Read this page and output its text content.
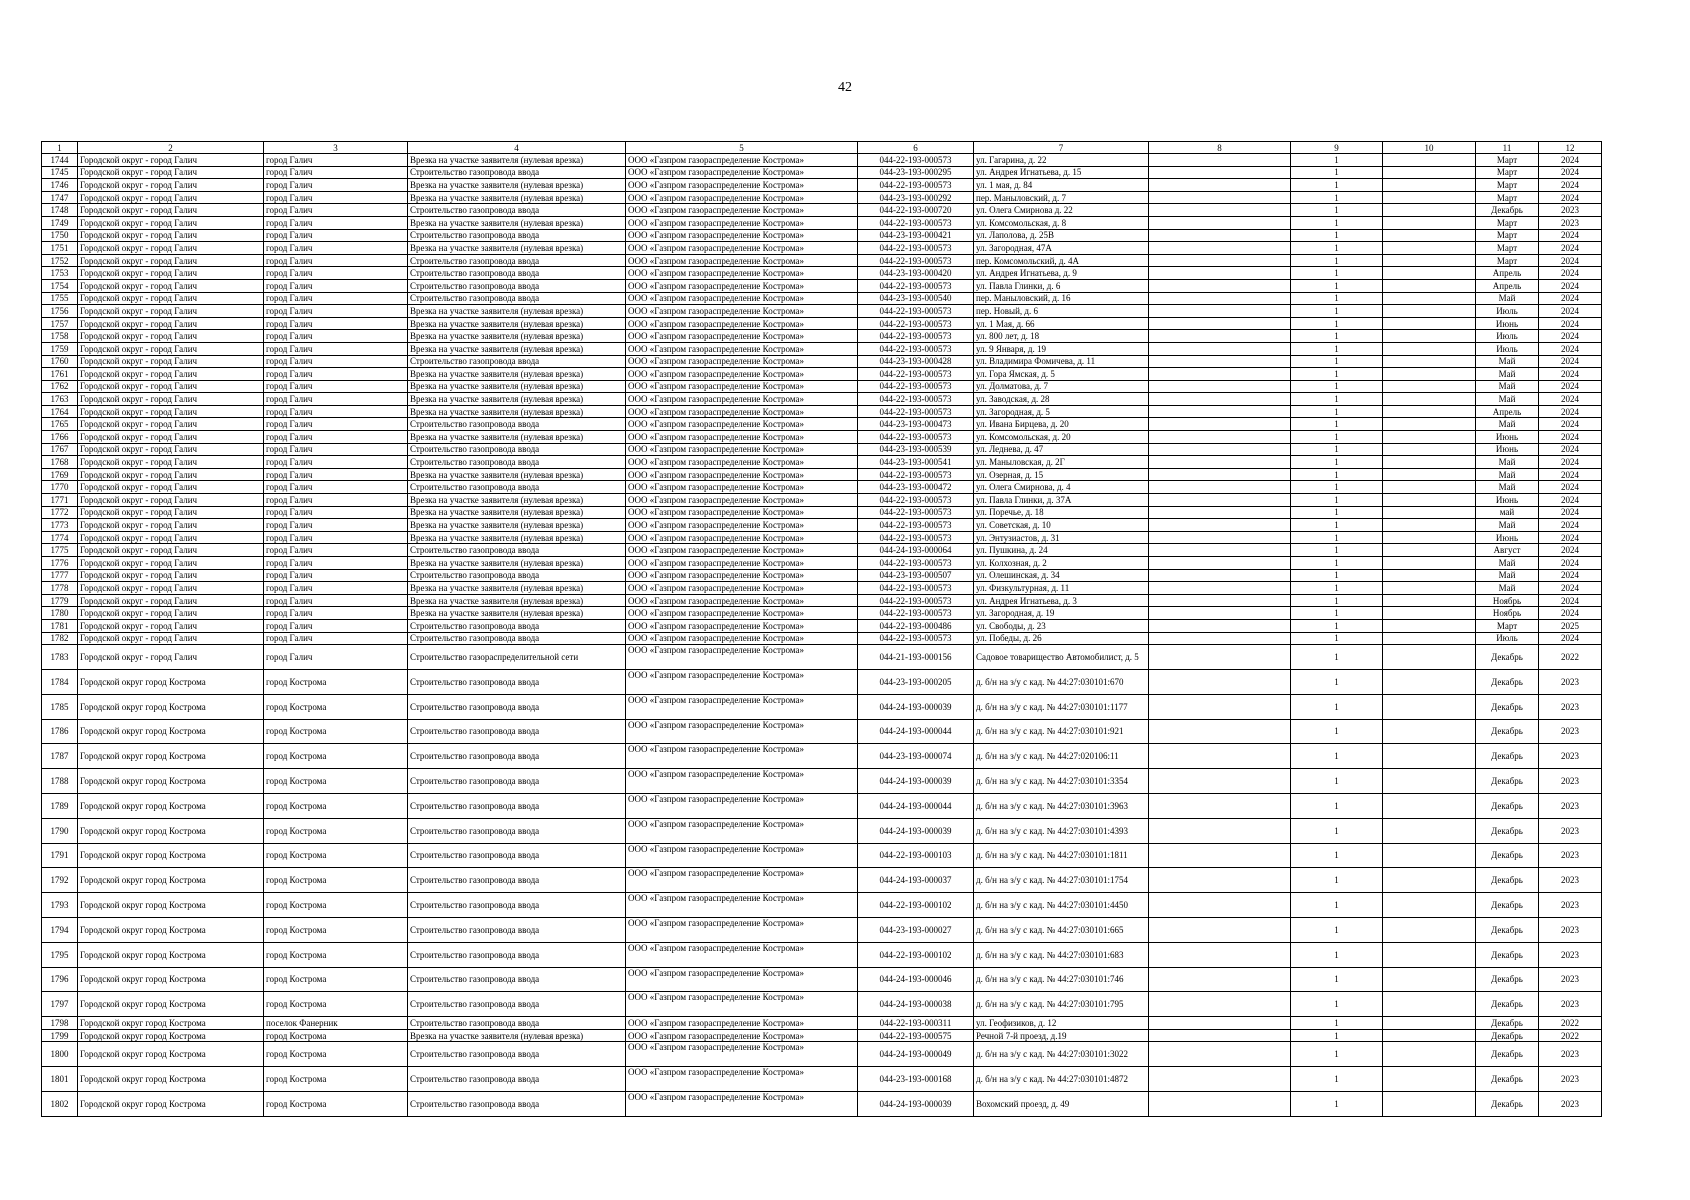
42
1	2	3	4	5	6	7	8	9	10	11	12
1744	Городской округ - город Галич	город Галич	Врезка на участке заявителя (нулевая врезка)	ООО «Газпром газораспределение Кострома»	044-22-193-000573	ул. Гагарина, д. 22		1		Март	2024
1745	Городской округ - город Галич	город Галич	Строительство газопровода ввода	ООО «Газпром газораспределение Кострома»	044-23-193-000295	ул. Андрея Игнатьева, д. 15		1		Март	2024
1746	Городской округ - город Галич	город Галич	Врезка на участке заявителя (нулевая врезка)	ООО «Газпром газораспределение Кострома»	044-22-193-000573	ул. 1 мая, д. 84		1		Март	2024
1747	Городской округ - город Галич	город Галич	Врезка на участке заявителя (нулевая врезка)	ООО «Газпром газораспределение Кострома»	044-23-193-000292	пер. Маныловский, д. 7		1		Март	2024
1748	Городской округ - город Галич	город Галич	Строительство газопровода ввода	ООО «Газпром газораспределение Кострома»	044-22-193-000720	ул. Олега Смирнова д. 22		1		Декабрь	2023
1749	Городской округ - город Галич	город Галич	Врезка на участке заявителя (нулевая врезка)	ООО «Газпром газораспределение Кострома»	044-22-193-000573	ул. Комсомольская, д. 8		1		Март	2023
1750	Городской округ - город Галич	город Галич	Строительство газопровода ввода	ООО «Газпром газораспределение Кострома»	044-23-193-000421	ул. Лаполова, д. 25В		1		Март	2024
1751	Городской округ - город Галич	город Галич	Врезка на участке заявителя (нулевая врезка)	ООО «Газпром газораспределение Кострома»	044-22-193-000573	ул. Загородная, 47А		1		Март	2024
1752	Городской округ - город Галич	город Галич	Строительство газопровода ввода	ООО «Газпром газораспределение Кострома»	044-22-193-000573	пер. Комсомольский, д. 4А		1		Март	2024
1753	Городской округ - город Галич	город Галич	Строительство газопровода ввода	ООО «Газпром газораспределение Кострома»	044-23-193-000420	ул. Андрея Игнатьева, д. 9		1		Апрель	2024
1754	Городской округ - город Галич	город Галич	Строительство газопровода ввода	ООО «Газпром газораспределение Кострома»	044-22-193-000573	ул. Павла Глинки, д. 6		1		Апрель	2024
1755	Городской округ - город Галич	город Галич	Строительство газопровода ввода	ООО «Газпром газораспределение Кострома»	044-23-193-000540	пер. Маныловский, д. 16		1		Май	2024
1756	Городской округ - город Галич	город Галич	Врезка на участке заявителя (нулевая врезка)	ООО «Газпром газораспределение Кострома»	044-22-193-000573	пер. Новый, д. 6		1		Июль	2024
1757	Городской округ - город Галич	город Галич	Врезка на участке заявителя (нулевая врезка)	ООО «Газпром газораспределение Кострома»	044-22-193-000573	ул. 1 Мая, д. 66		1		Июнь	2024
1758	Городской округ - город Галич	город Галич	Врезка на участке заявителя (нулевая врезка)	ООО «Газпром газораспределение Кострома»	044-22-193-000573	ул. 800 лет, д. 18		1		Июль	2024
1759	Городской округ - город Галич	город Галич	Врезка на участке заявителя (нулевая врезка)	ООО «Газпром газораспределение Кострома»	044-22-193-000573	ул. 9 Января, д. 19		1		Июль	2024
1760	Городской округ - город Галич	город Галич	Строительство газопровода ввода	ООО «Газпром газораспределение Кострома»	044-23-193-000428	ул. Владимира Фомичева, д. 11		1		Май	2024
1761	Городской округ - город Галич	город Галич	Врезка на участке заявителя (нулевая врезка)	ООО «Газпром газораспределение Кострома»	044-22-193-000573	ул. Гора Ямская, д. 5		1		Май	2024
1762	Городской округ - город Галич	город Галич	Врезка на участке заявителя (нулевая врезка)	ООО «Газпром газораспределение Кострома»	044-22-193-000573	ул. Долматова, д. 7		1		Май	2024
1763	Городской округ - город Галич	город Галич	Врезка на участке заявителя (нулевая врезка)	ООО «Газпром газораспределение Кострома»	044-22-193-000573	ул. Заводская, д. 28		1		Май	2024
1764	Городской округ - город Галич	город Галич	Врезка на участке заявителя (нулевая врезка)	ООО «Газпром газораспределение Кострома»	044-22-193-000573	ул. Загородная, д. 5		1		Апрель	2024
1765	Городской округ - город Галич	город Галич	Строительство газопровода ввода	ООО «Газпром газораспределение Кострома»	044-23-193-000473	ул. Ивана Бирцева, д. 20		1		Май	2024
1766	Городской округ - город Галич	город Галич	Врезка на участке заявителя (нулевая врезка)	ООО «Газпром газораспределение Кострома»	044-22-193-000573	ул. Комсомольская, д. 20		1		Июнь	2024
1767	Городской округ - город Галич	город Галич	Строительство газопровода ввода	ООО «Газпром газораспределение Кострома»	044-23-193-000539	ул. Леднева, д. 47		1		Июнь	2024
1768	Городской округ - город Галич	город Галич	Строительство газопровода ввода	ООО «Газпром газораспределение Кострома»	044-23-193-000541	ул. Маныловская, д. 2Г		1		Май	2024
1769	Городской округ - город Галич	город Галич	Врезка на участке заявителя (нулевая врезка)	ООО «Газпром газораспределение Кострома»	044-22-193-000573	ул. Озерная, д. 15		1		Май	2024
1770	Городской округ - город Галич	город Галич	Строительство газопровода ввода	ООО «Газпром газораспределение Кострома»	044-23-193-000472	ул. Олега Смирнова, д. 4		1		Май	2024
1771	Городской округ - город Галич	город Галич	Врезка на участке заявителя (нулевая врезка)	ООО «Газпром газораспределение Кострома»	044-22-193-000573	ул. Павла Глинки, д. 37А		1		Июнь	2024
1772	Городской округ - город Галич	город Галич	Врезка на участке заявителя (нулевая врезка)	ООО «Газпром газораспределение Кострома»	044-22-193-000573	ул. Поречье, д. 18		1		май	2024
1773	Городской округ - город Галич	город Галич	Врезка на участке заявителя (нулевая врезка)	ООО «Газпром газораспределение Кострома»	044-22-193-000573	ул. Советская, д. 10		1		Май	2024
1774	Городской округ - город Галич	город Галич	Врезка на участке заявителя (нулевая врезка)	ООО «Газпром газораспределение Кострома»	044-22-193-000573	ул. Энтузиастов, д. 31		1		Июнь	2024
1775	Городской округ - город Галич	город Галич	Строительство газопровода ввода	ООО «Газпром газораспределение Кострома»	044-24-193-000064	ул. Пушкина, д. 24		1		Август	2024
1776	Городской округ - город Галич	город Галич	Врезка на участке заявителя (нулевая врезка)	ООО «Газпром газораспределение Кострома»	044-22-193-000573	ул. Колхозная, д. 2		1		Май	2024
1777	Городской округ - город Галич	город Галич	Строительство газопровода ввода	ООО «Газпром газораспределение Кострома»	044-23-193-000507	ул. Олешинская, д. 34		1		Май	2024
1778	Городской округ - город Галич	город Галич	Врезка на участке заявителя (нулевая врезка)	ООО «Газпром газораспределение Кострома»	044-22-193-000573	ул. Физкультурная, д. 11		1		Май	2024
1779	Городской округ - город Галич	город Галич	Врезка на участке заявителя (нулевая врезка)	ООО «Газпром газораспределение Кострома»	044-22-193-000573	ул. Андрея Игнатьева, д. 3		1		Ноябрь	2024
1780	Городской округ - город Галич	город Галич	Врезка на участке заявителя (нулевая врезка)	ООО «Газпром газораспределение Кострома»	044-22-193-000573	ул. Загородная, д. 19		1		Ноябрь	2024
1781	Городской округ - город Галич	город Галич	Строительство газопровода ввода	ООО «Газпром газораспределение Кострома»	044-22-193-000486	ул. Свободы, д. 23		1		Март	2025
1782	Городской округ - город Галич	город Галич	Строительство газопровода ввода	ООО «Газпром газораспределение Кострома»	044-22-193-000573	ул. Победы, д. 26		1		Июль	2024
1783	Городской округ - город Галич	город Галич	Строительство газораспределительной сети	ООО «Газпром газораспределение Кострома»	044-21-193-000156	Садовое товарищество Автомобилист, д. 5		1		Декабрь	2022
1784	Городской округ город Кострома	город Кострома	Строительство газопровода ввода	ООО «Газпром газораспределение Кострома»	044-23-193-000205	д. б/н на з/у с кад. № 44:27:030101:670		1		Декабрь	2023
1785	Городской округ город Кострома	город Кострома	Строительство газопровода ввода	ООО «Газпром газораспределение Кострома»	044-24-193-000039	д. б/н на з/у с кад. № 44:27:030101:1177		1		Декабрь	2023
1786	Городской округ город Кострома	город Кострома	Строительство газопровода ввода	ООО «Газпром газораспределение Кострома»	044-24-193-000044	д. б/н на з/у с кад. № 44:27:030101:921		1		Декабрь	2023
1787	Городской округ город Кострома	город Кострома	Строительство газопровода ввода	ООО «Газпром газораспределение Кострома»	044-23-193-000074	д. б/н на з/у с кад. № 44:27:020106:11		1		Декабрь	2023
1788	Городской округ город Кострома	город Кострома	Строительство газопровода ввода	ООО «Газпром газораспределение Кострома»	044-24-193-000039	д. б/н на з/у с кад. № 44:27:030101:3354		1		Декабрь	2023
1789	Городской округ город Кострома	город Кострома	Строительство газопровода ввода	ООО «Газпром газораспределение Кострома»	044-24-193-000044	д. б/н на з/у с кад. № 44:27:030101:3963		1		Декабрь	2023
1790	Городской округ город Кострома	город Кострома	Строительство газопровода ввода	ООО «Газпром газораспределение Кострома»	044-24-193-000039	д. б/н на з/у с кад. № 44:27:030101:4393		1		Декабрь	2023
1791	Городской округ город Кострома	город Кострома	Строительство газопровода ввода	ООО «Газпром газораспределение Кострома»	044-22-193-000103	д. б/н на з/у с кад. № 44:27:030101:1811		1		Декабрь	2023
1792	Городской округ город Кострома	город Кострома	Строительство газопровода ввода	ООО «Газпром газораспределение Кострома»	044-24-193-000037	д. б/н на з/у с кад. № 44:27:030101:1754		1		Декабрь	2023
1793	Городской округ город Кострома	город Кострома	Строительство газопровода ввода	ООО «Газпром газораспределение Кострома»	044-22-193-000102	д. б/н на з/у с кад. № 44:27:030101:4450		1		Декабрь	2023
1794	Городской округ город Кострома	город Кострома	Строительство газопровода ввода	ООО «Газпром газораспределение Кострома»	044-23-193-000027	д. б/н на з/у с кад. № 44:27:030101:665		1		Декабрь	2023
1795	Городской округ город Кострома	город Кострома	Строительство газопровода ввода	ООО «Газпром газораспределение Кострома»	044-22-193-000102	д. б/н на з/у с кад. № 44:27:030101:683		1		Декабрь	2023
1796	Городской округ город Кострома	город Кострома	Строительство газопровода ввода	ООО «Газпром газораспределение Кострома»	044-24-193-000046	д. б/н на з/у с кад. № 44:27:030101:746		1		Декабрь	2023
1797	Городской округ город Кострома	город Кострома	Строительство газопровода ввода	ООО «Газпром газораспределение Кострома»	044-24-193-000038	д. б/н на з/у с кад. № 44:27:030101:795		1		Декабрь	2023
1798	Городской округ город Кострома	поселок Фанерник	Строительство газопровода ввода	ООО «Газпром газораспределение Кострома»	044-22-193-000311	ул. Геофизиков, д. 12		1		Декабрь	2022
1799	Городской округ город Кострома	город Кострома	Врезка на участке заявителя (нулевая врезка)	ООО «Газпром газораспределение Кострома»	044-22-193-000575	Речной 7-й проезд, д.19		1		Декабрь	2022
1800	Городской округ город Кострома	город Кострома	Строительство газопровода ввода	ООО «Газпром газораспределение Кострома»	044-24-193-000049	д. б/н на з/у с кад. № 44:27:030101:3022		1		Декабрь	2023
1801	Городской округ город Кострома	город Кострома	Строительство газопровода ввода	ООО «Газпром газораспределение Кострома»	044-23-193-000168	д. б/н на з/у с кад. № 44:27:030101:4872		1		Декабрь	2023
1802	Городской округ город Кострома	город Кострома	Строительство газопровода ввода	ООО «Газпром газораспределение Кострома»	044-24-193-000039	Вохомский проезд, д. 49		1		Декабрь	2023
